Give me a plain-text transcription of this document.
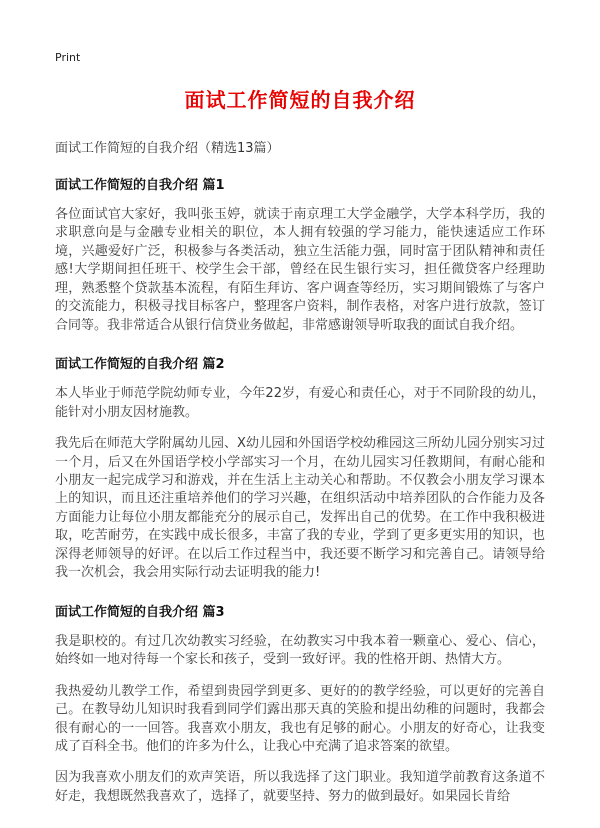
Print
面试工作简短的自我介绍
面试工作简短的自我介绍（精选13篇）
面试工作简短的自我介绍 篇1

各位面试官大家好，我叫张玉婷，就读于南京理工大学金融学，大学本科学历，我的求职意向是与金融专业相关的职位，本人拥有较强的学习能力，能快速适应工作环境，兴趣爱好广泛，积极参与各类活动，独立生活能力强，同时富于团队精神和责任感!大学期间担任班干、校学生会干部，曾经在民生银行实习，担任微贷客户经理助理，熟悉整个贷款基本流程，有陌生拜访、客户调查等经历，实习期间锻炼了与客户的交流能力，积极寻找目标客户，整理客户资料，制作表格，对客户进行放款，签订合同等。我非常适合从银行信贷业务做起，非常感谢领导听取我的面试自我介绍。

面试工作简短的自我介绍 篇2

本人毕业于师范学院幼师专业，今年22岁，有爱心和责任心，对于不同阶段的幼儿，能针对小朋友因材施教。

我先后在师范大学附属幼儿园、X幼儿园和外国语学校幼稚园这三所幼儿园分别实习过一个月，后又在外国语学校小学部实习一个月，在幼儿园实习任教期间，有耐心能和小朋友一起完成学习和游戏，并在生活上主动关心和帮助。不仅教会小朋友学习课本上的知识，而且还注重培养他们的学习兴趣，在组织活动中培养团队的合作能力及各方面能力让每位小朋友都能充分的展示自己，发挥出自己的优势。在工作中我积极进取，吃苦耐劳，在实践中成长很多，丰富了我的专业，学到了更多更实用的知识，也深得老师领导的好评。在以后工作过程当中，我还要不断学习和完善自己。请领导给我一次机会，我会用实际行动去证明我的能力!

面试工作简短的自我介绍 篇3

我是职校的。有过几次幼教实习经验，在幼教实习中我本着一颗童心、爱心、信心，始终如一地对待每一个家长和孩子，受到一致好评。我的性格开朗、热情大方。

我热爱幼儿教学工作，希望到贵园学到更多、更好的的教学经验，可以更好的完善自己。在教导幼儿知识时我看到同学们露出那天真的笑脸和提出幼稚的问题时，我都会很有耐心的一一回答。我喜欢小朋友，我也有足够的耐心。小朋友的好奇心，让我变成了百科全书。他们的许多为什么，让我心中充满了追求答案的欲望。

因为我喜欢小朋友们的欢声笑语，所以我选择了这门职业。我知道学前教育这条道不好走，我想既然我喜欢了，选择了，就要坚持、努力的做到最好。如果园长肯给
